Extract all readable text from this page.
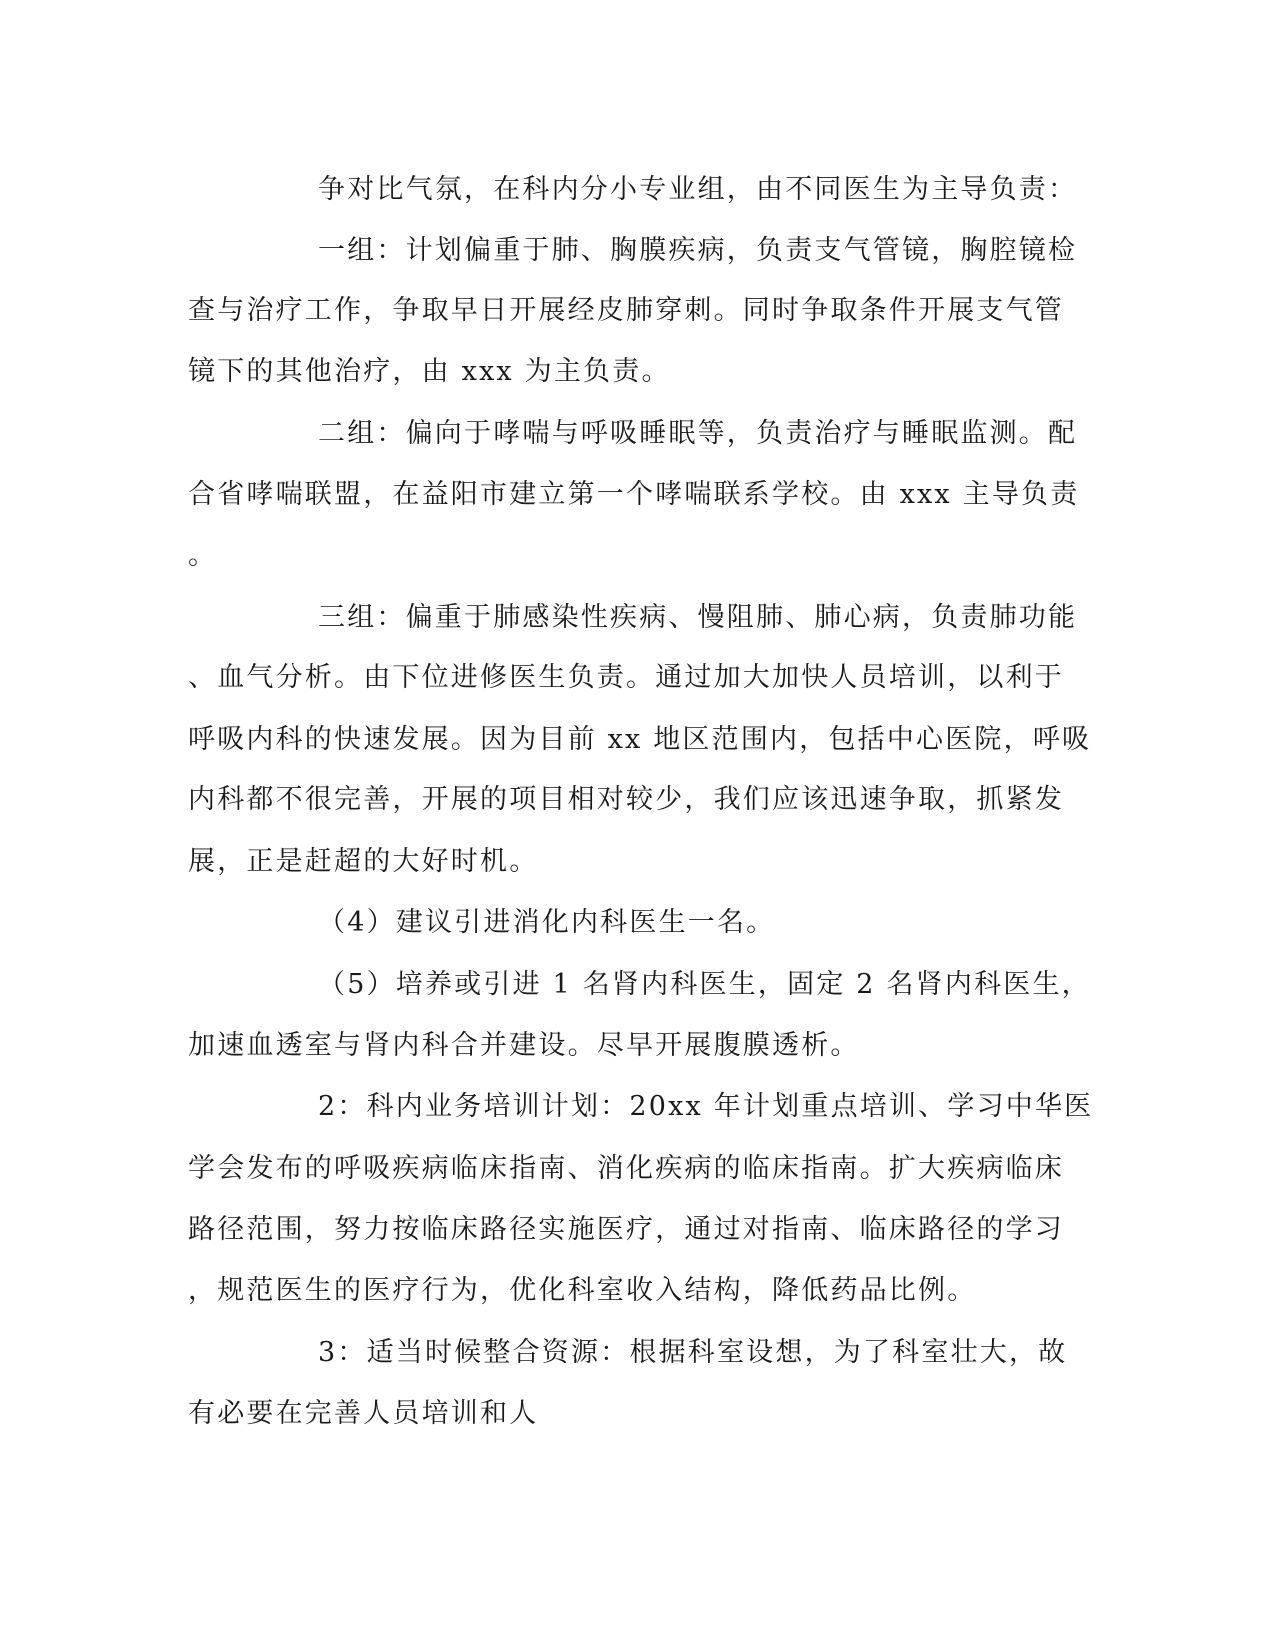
争对比气氛，在科内分小专业组，由不同医生为主导负责：
一组：计划偏重于肺、胸膜疾病，负责支气管镜，胸腔镜检
查与治疗工作，争取早日开展经皮肺穿刺。同时争取条件开展支气管
镜下的其他治疗，由 xxx 为主负责。
二组：偏向于哮喘与呼吸睡眠等，负责治疗与睡眠监测。配
合省哮喘联盟，在益阳市建立第一个哮喘联系学校。由 xxx 主导负责
。
三组：偏重于肺感染性疾病、慢阻肺、肺心病，负责肺功能
、血气分析。由下位进修医生负责。通过加大加快人员培训，以利于
呼吸内科的快速发展。因为目前 xx 地区范围内，包括中心医院，呼吸
内科都不很完善，开展的项目相对较少，我们应该迅速争取，抓紧发
展，正是赶超的大好时机。
（4）建议引进消化内科医生一名。
（5）培养或引进 1 名肾内科医生，固定 2 名肾内科医生，
加速血透室与肾内科合并建设。尽早开展腹膜透析。
2：科内业务培训计划：20xx 年计划重点培训、学习中华医
学会发布的呼吸疾病临床指南、消化疾病的临床指南。扩大疾病临床
路径范围，努力按临床路径实施医疗，通过对指南、临床路径的学习
，规范医生的医疗行为，优化科室收入结构，降低药品比例。
3：适当时候整合资源：根据科室设想，为了科室壮大，故
有必要在完善人员培训和人
